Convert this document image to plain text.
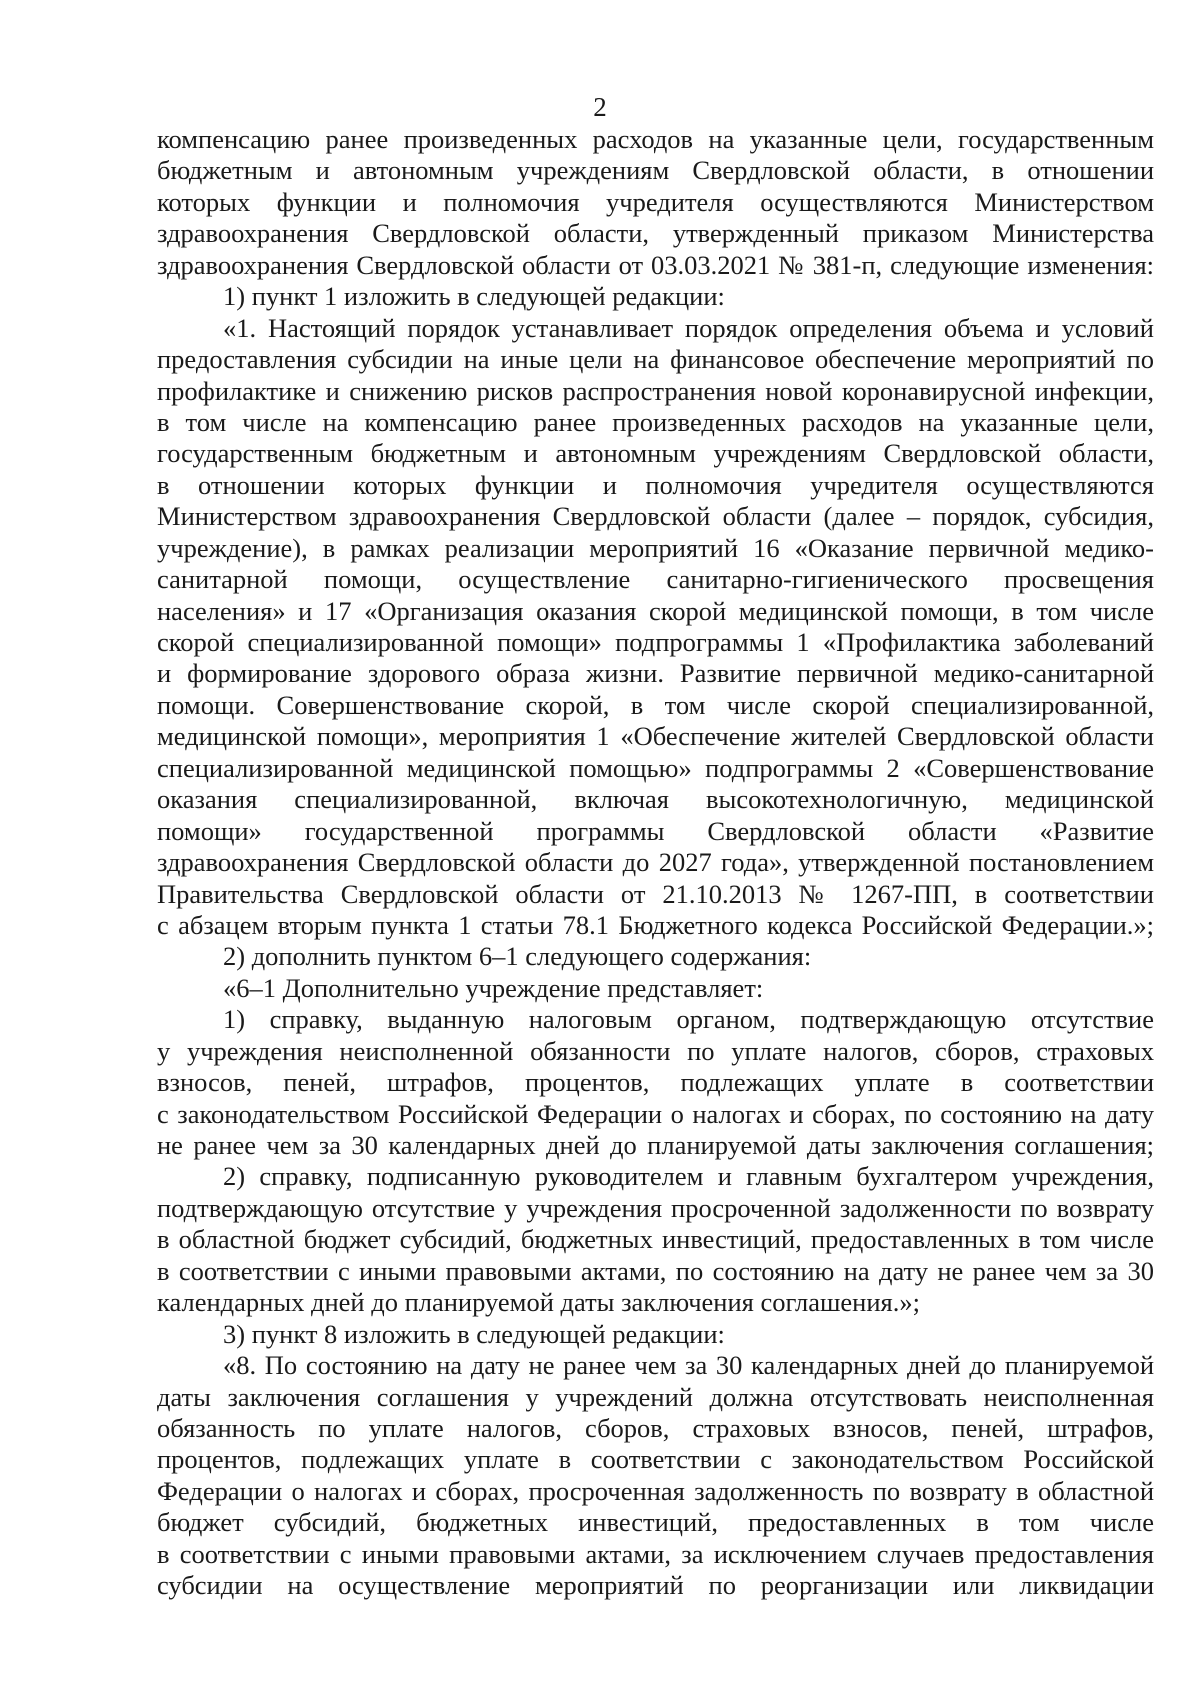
2
компенсацию ранее произведенных расходов на указанные цели, государственным
бюджетным и автономным учреждениям Свердловской области, в отношении
которых функции и полномочия учредителя осуществляются Министерством
здравоохранения Свердловской области, утвержденный приказом Министерства
здравоохранения Свердловской области от 03.03.2021 № 381-п, следующие изменения:
1) пункт 1 изложить в следующей редакции:
«1. Настоящий порядок устанавливает порядок определения объема и условий
предоставления субсидии на иные цели на финансовое обеспечение мероприятий по
профилактике и снижению рисков распространения новой коронавирусной инфекции,
в том числе на компенсацию ранее произведенных расходов на указанные цели,
государственным бюджетным и автономным учреждениям Свердловской области,
в отношении которых функции и полномочия учредителя осуществляются
Министерством здравоохранения Свердловской области (далее – порядок, субсидия,
учреждение), в рамках реализации мероприятий 16 «Оказание первичной медико-
санитарной помощи, осуществление санитарно-гигиенического просвещения
населения» и 17 «Организация оказания скорой медицинской помощи, в том числе
скорой специализированной помощи» подпрограммы 1 «Профилактика заболеваний
и формирование здорового образа жизни. Развитие первичной медико-санитарной
помощи. Совершенствование скорой, в том числе скорой специализированной,
медицинской помощи», мероприятия 1 «Обеспечение жителей Свердловской области
специализированной медицинской помощью» подпрограммы 2 «Совершенствование
оказания специализированной, включая высокотехнологичную, медицинской
помощи» государственной программы Свердловской области «Развитие
здравоохранения Свердловской области до 2027 года», утвержденной постановлением
Правительства Свердловской области от 21.10.2013 № 1267-ПП, в соответствии
с абзацем вторым пункта 1 статьи 78.1 Бюджетного кодекса Российской Федерации.»;
2) дополнить пунктом 6–1 следующего содержания:
«6–1 Дополнительно учреждение представляет:
1) справку, выданную налоговым органом, подтверждающую отсутствие
у учреждения неисполненной обязанности по уплате налогов, сборов, страховых
взносов, пеней, штрафов, процентов, подлежащих уплате в соответствии
с законодательством Российской Федерации о налогах и сборах, по состоянию на дату
не ранее чем за 30 календарных дней до планируемой даты заключения соглашения;
2) справку, подписанную руководителем и главным бухгалтером учреждения,
подтверждающую отсутствие у учреждения просроченной задолженности по возврату
в областной бюджет субсидий, бюджетных инвестиций, предоставленных в том числе
в соответствии с иными правовыми актами, по состоянию на дату не ранее чем за 30
календарных дней до планируемой даты заключения соглашения.»;
3) пункт 8 изложить в следующей редакции:
«8. По состоянию на дату не ранее чем за 30 календарных дней до планируемой
даты заключения соглашения у учреждений должна отсутствовать неисполненная
обязанность по уплате налогов, сборов, страховых взносов, пеней, штрафов,
процентов, подлежащих уплате в соответствии с законодательством Российской
Федерации о налогах и сборах, просроченная задолженность по возврату в областной
бюджет субсидий, бюджетных инвестиций, предоставленных в том числе
в соответствии с иными правовыми актами, за исключением случаев предоставления
субсидии на осуществление мероприятий по реорганизации или ликвидации
